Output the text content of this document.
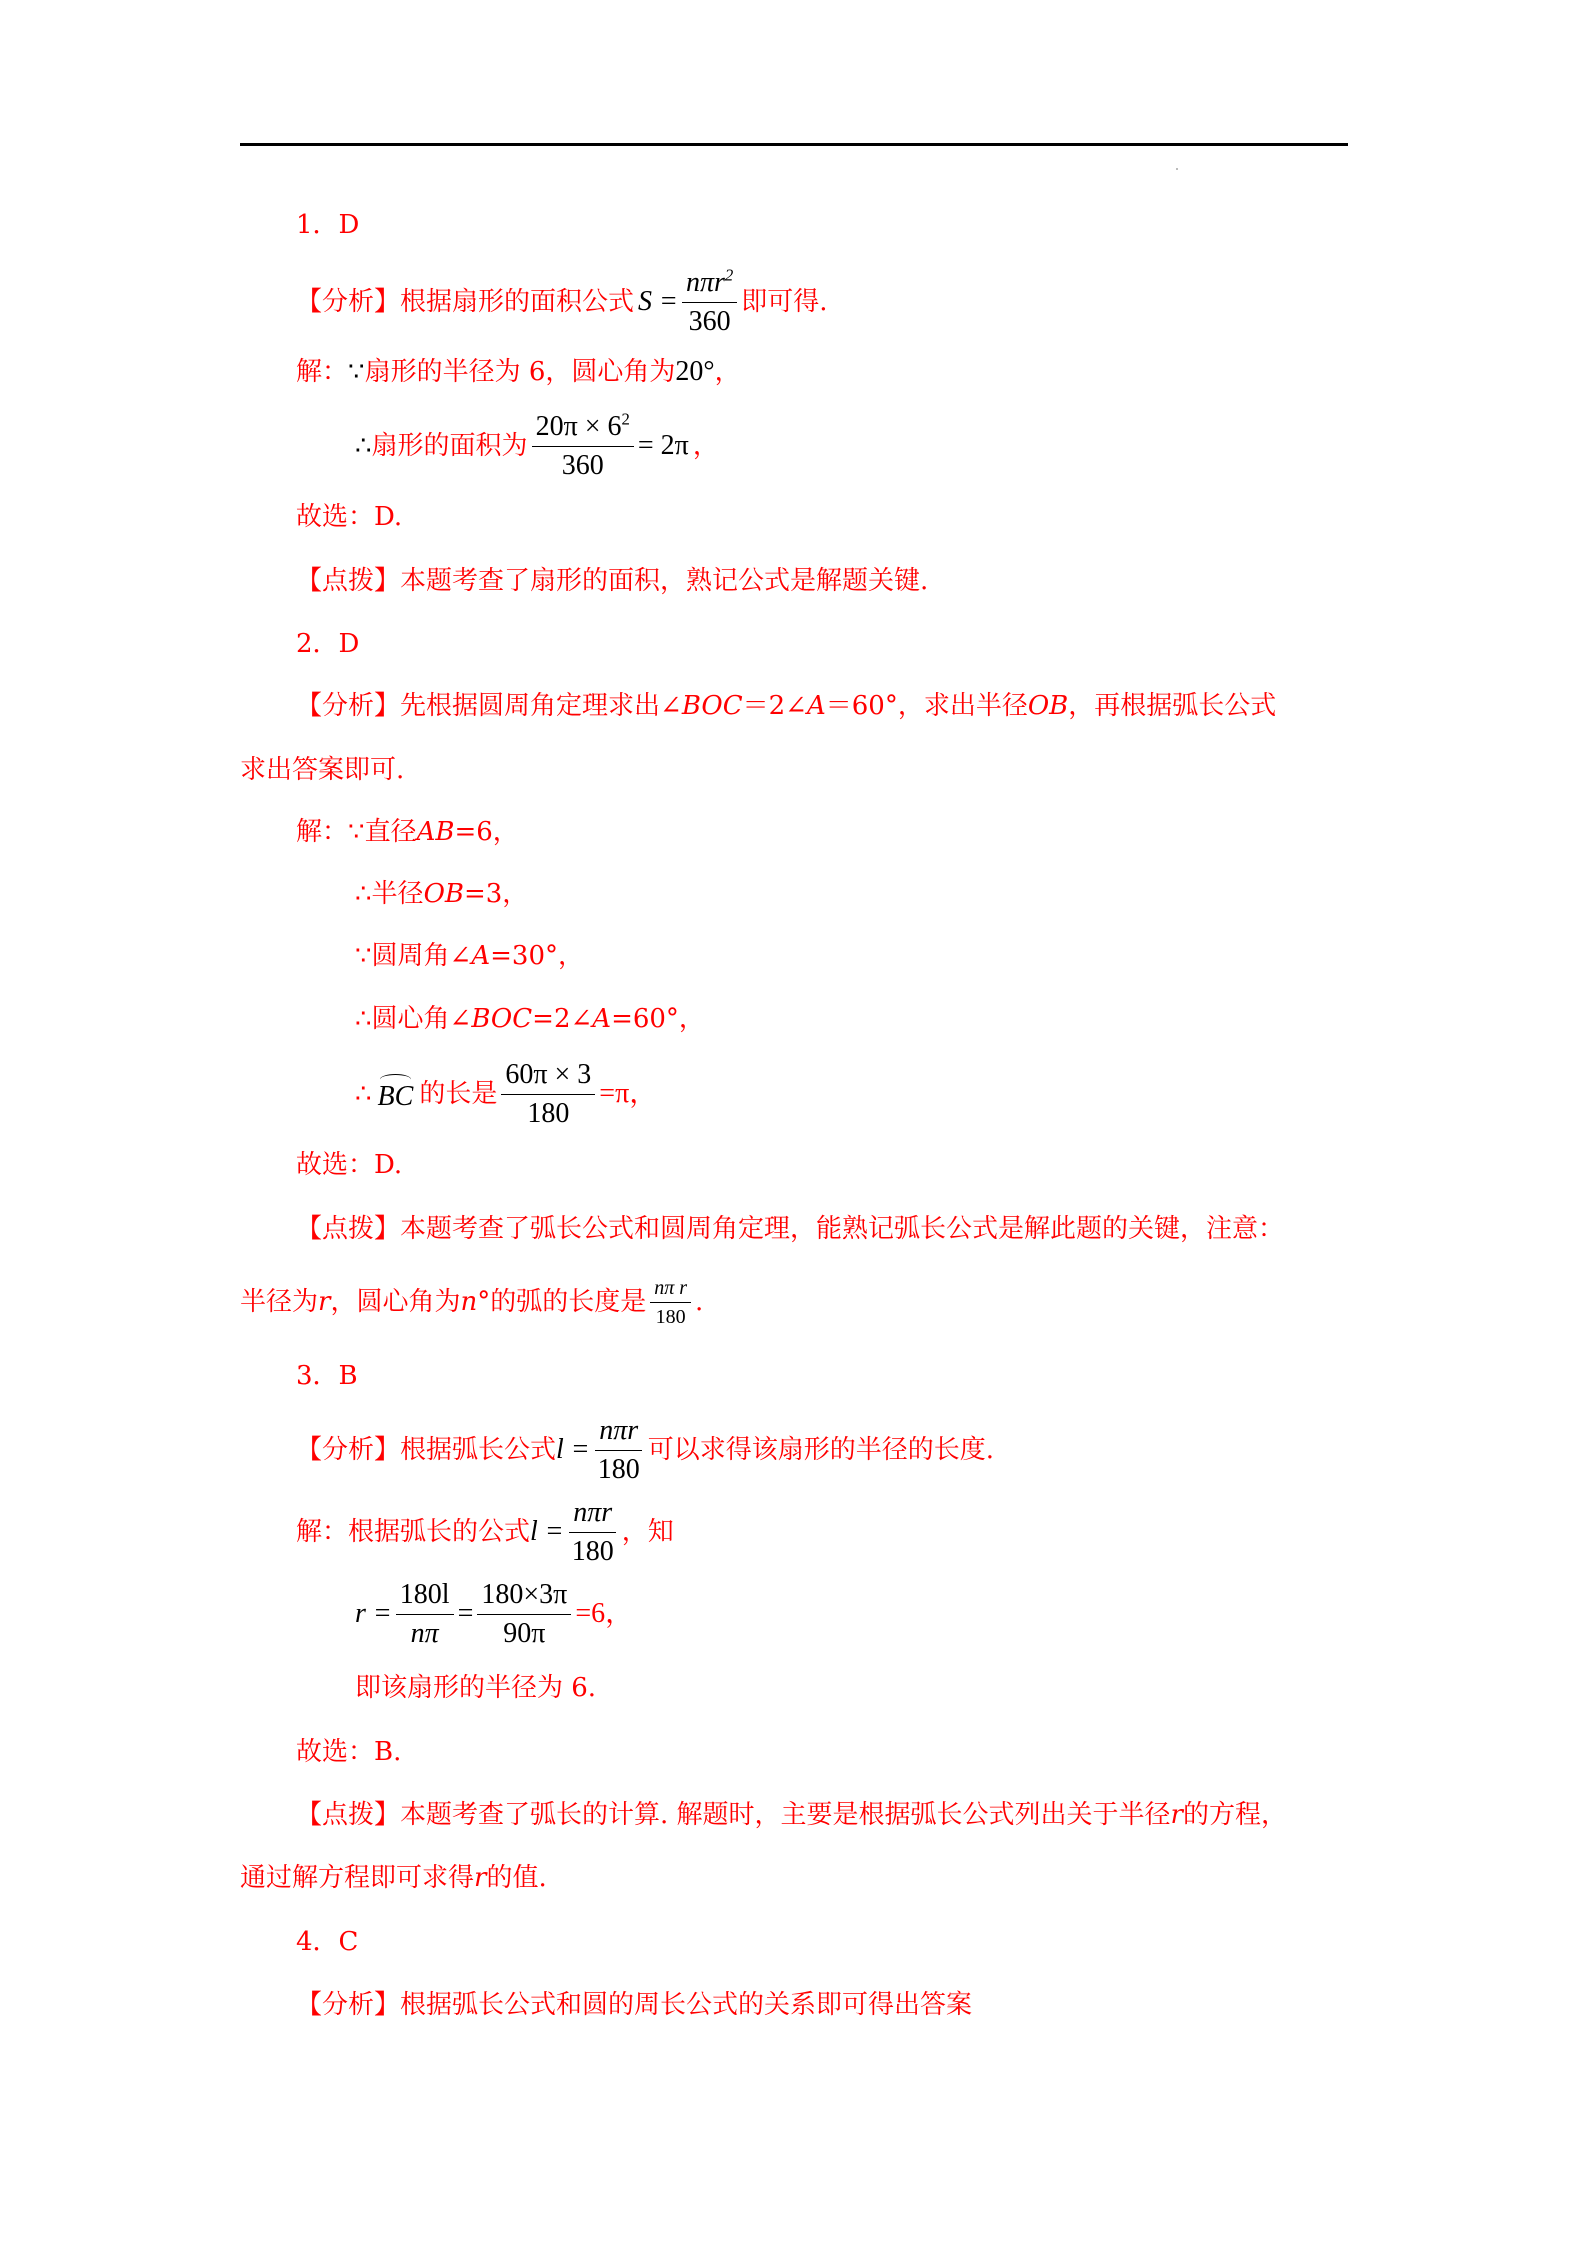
1．D
【分析】 根据扇形的面积公式 $S = \frac{n\pi r^2}{360}$ 即可得.
解： ∵ 扇形的半径为 6，圆心角为 20° ，
∴ 扇形的面积为 $\frac{20\pi \times 6^2}{360} = 2\pi$ ，
故选：D.
【点拨】 本题考查了扇形的面积，熟记公式是解题关键.
2．D
【分析】 先根据圆周角定理求出∠ BOC ＝2∠ A ＝60°，求出半径 OB ，再根据弧长公式
求出答案即可.
解： ∵ 直径 AB =6，
∴ 半径 OB =3，
∵ 圆周角∠ A =30°，
∴ 圆心角∠ BOC =2∠ A =60°，
∴ BC 的长是 $\frac{60\pi \times 3}{180} =\pi$，
故选：D.
【点拨】 本题考查了弧长公式和圆周角定理，能熟记弧长公式是解此题的关键，注意：
半径为 r ，圆心角为 n °的弧的长度是 $\frac{\text{nπ r}}{180}$ .
3．B
【分析】 根据弧长公式 $l = \frac{\text{nπr}}{180}$ 可以求得该扇形的半径的长度.
解： 根据弧长的公式 $l = \frac{\text{nπr}}{180}$ ，知
$r = \frac{180l}{n\pi} = \frac{180\times 3\pi}{90\pi} =6$，
即该扇形的半径为 6.
故选：B.
【点拨】 本题考查了弧长的计算. 解题时，主要是根据弧长公式列出关于半径 r 的方程，
通过解方程即可求得 r 的值.
4．C
【分析】 根据弧长公式和圆的周长公式的关系即可得出答案
